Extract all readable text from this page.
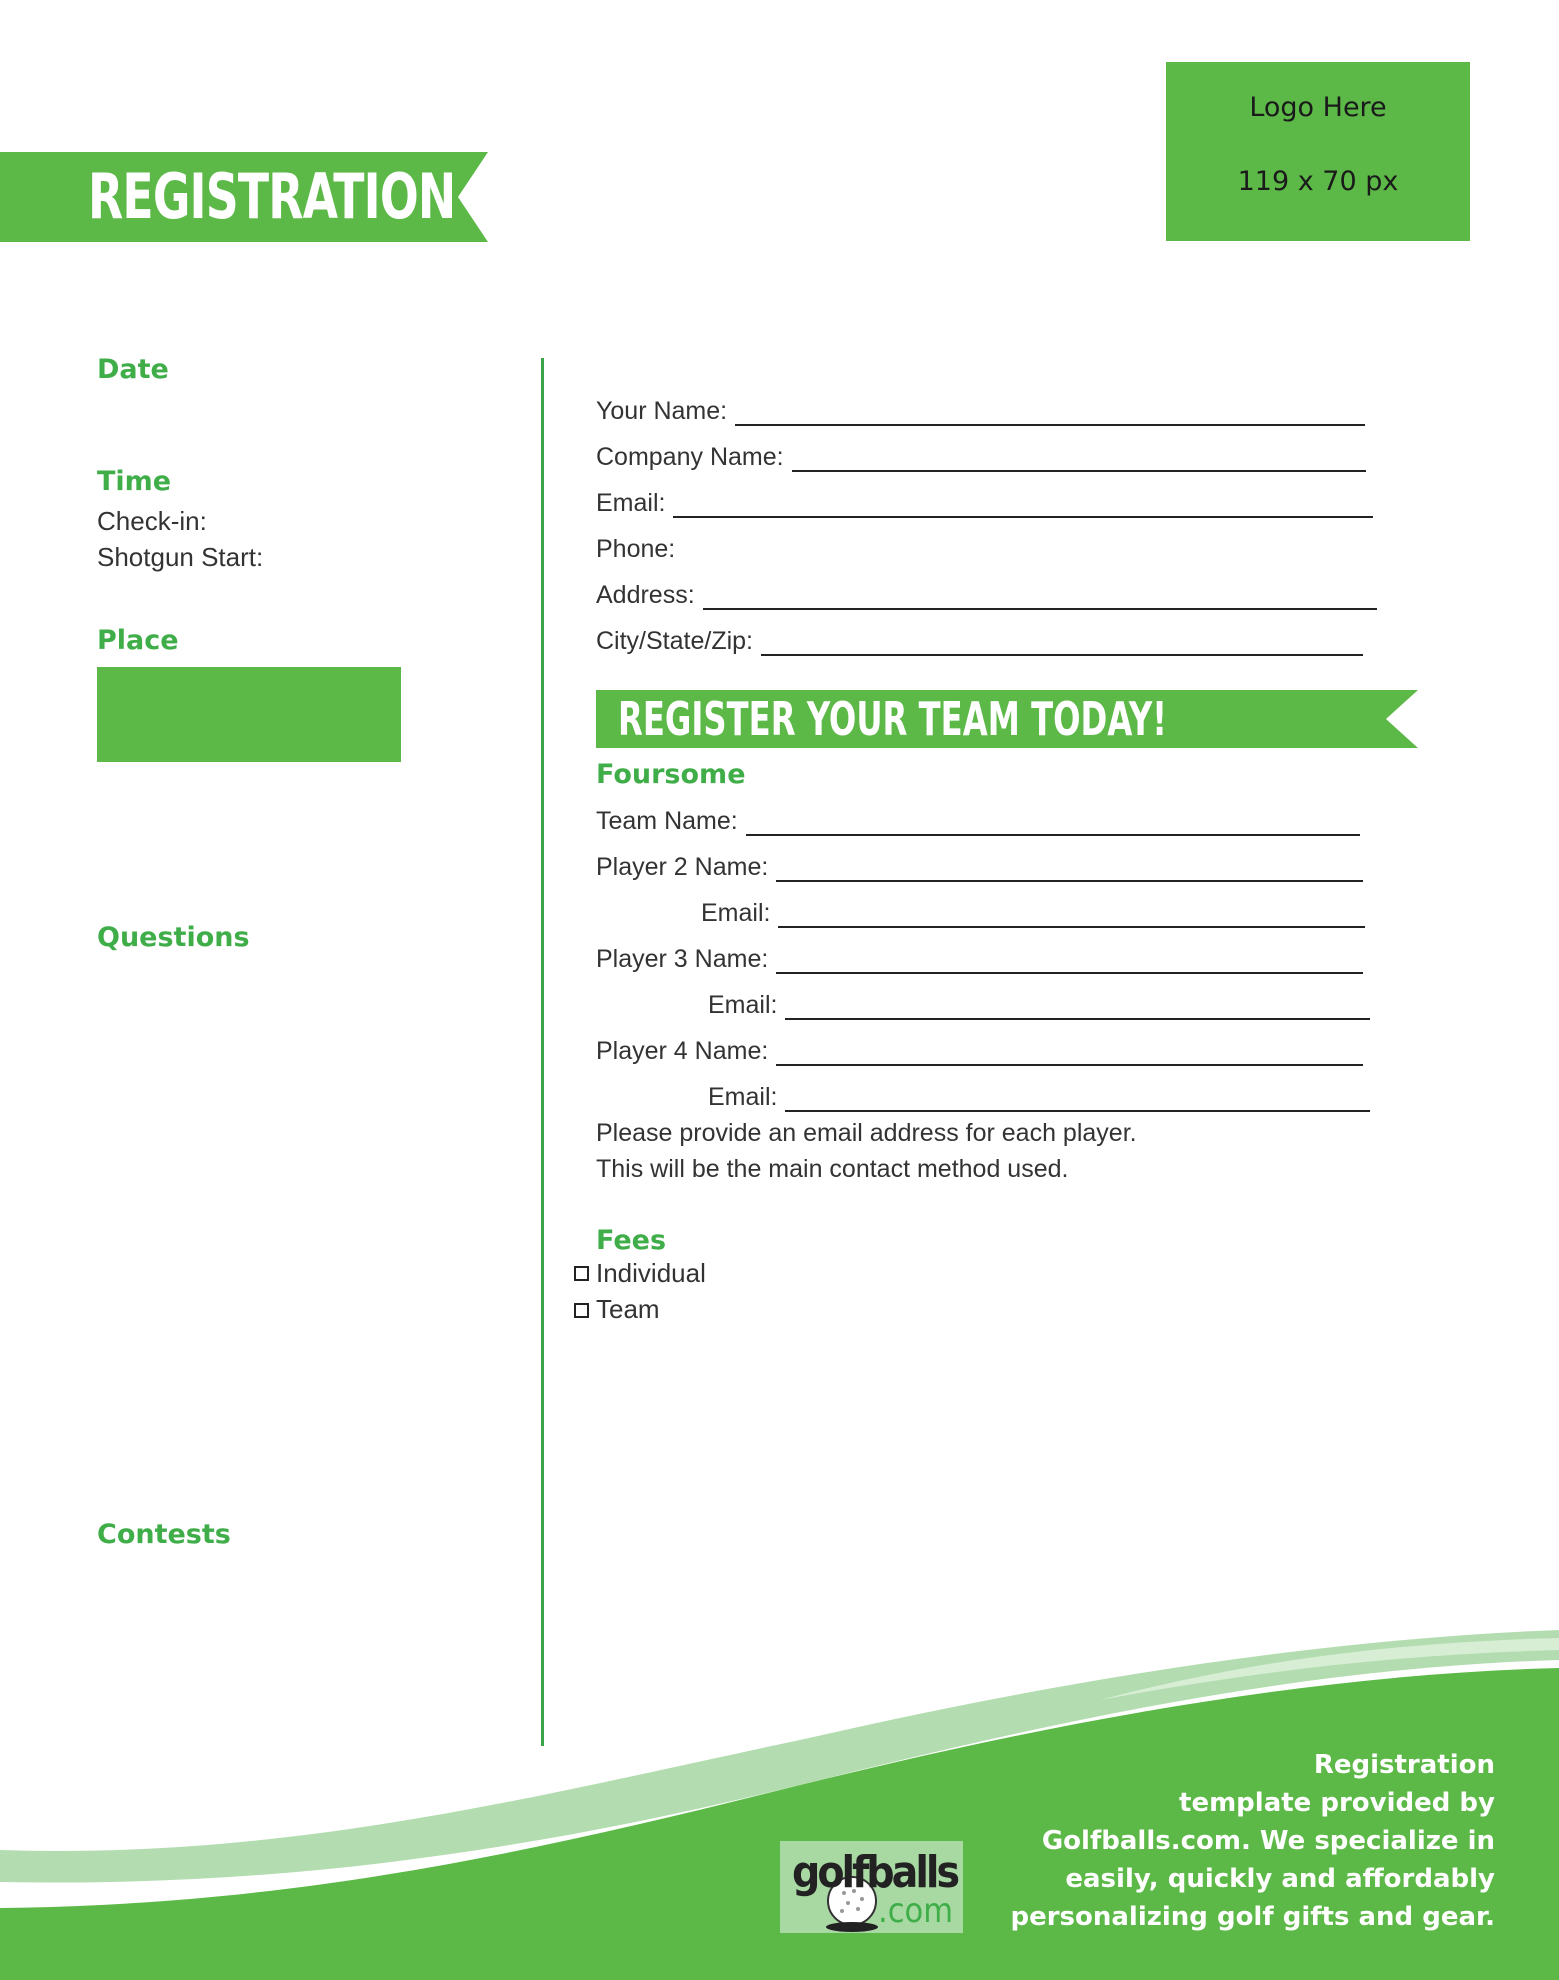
REGISTRATION
Logo Here
119 x 70 px
Date
Time
Check-in:
Shotgun Start:
Place
Questions
Contests
Your Name:
Company Name:
Email:
Phone:
Address:
City/State/Zip:
REGISTER YOUR TEAM TODAY!
Foursome
Team Name:
Player 2 Name:
Email:
Player 3 Name:
Email:
Player 4 Name:
Email:
Please provide an email address for each player.
This will be the main contact method used.
Fees
Individual
Team
golfballs
.com
Registration
template provided by
Golfballs.com. We specialize in
easily, quickly and affordably
personalizing golf gifts and gear.
